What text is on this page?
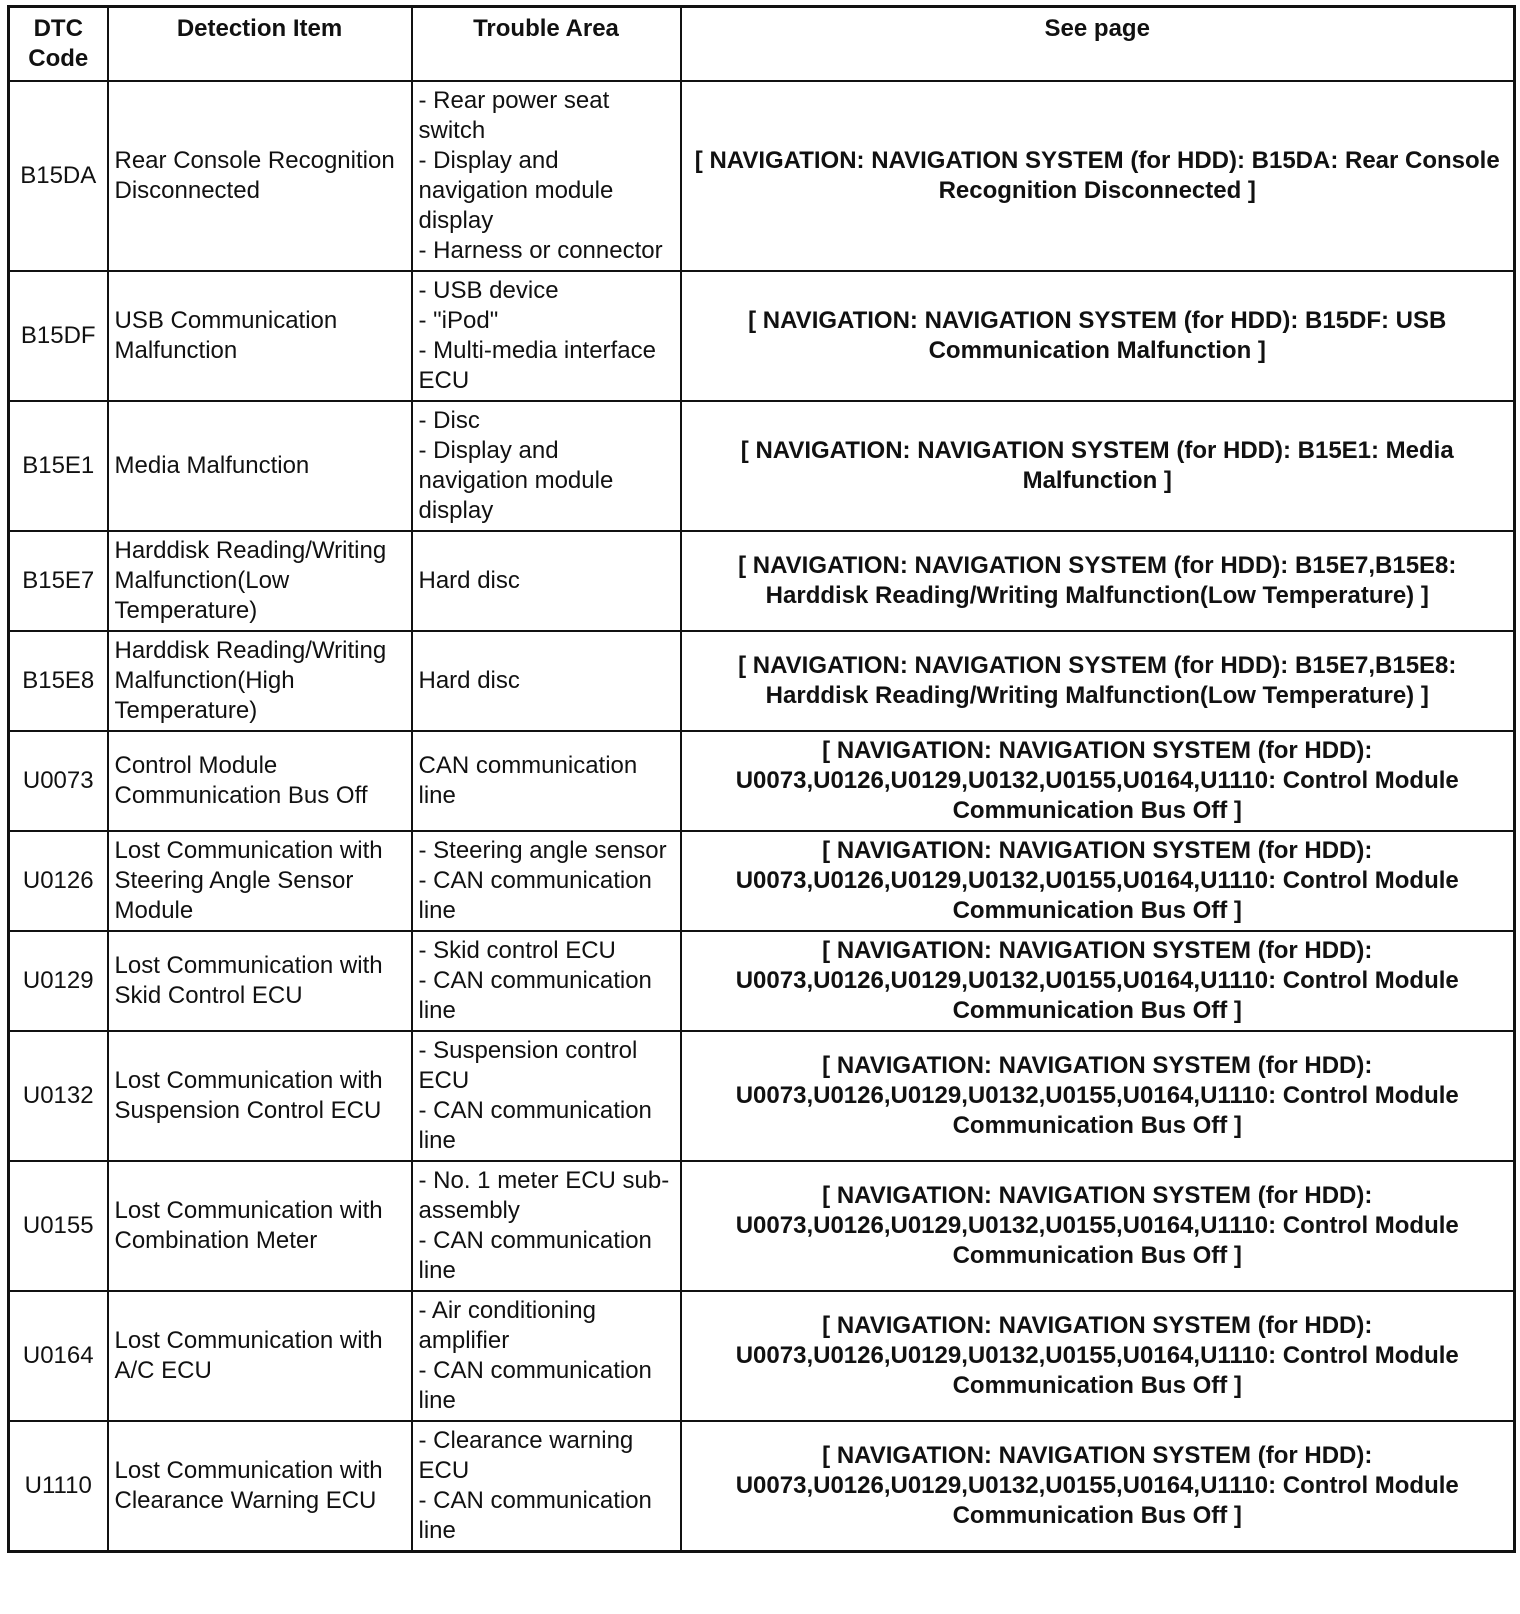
DTC Code	Detection Item	Trouble Area	See page
B15DA	Rear Console Recognition Disconnected	- Rear power seat switch
- Display and navigation module display
- Harness or connector	[ NAVIGATION: NAVIGATION SYSTEM (for HDD): B15DA: Rear Console Recognition Disconnected ]
B15DF	USB Communication Malfunction	- USB device
- "iPod"
- Multi-media interface ECU	[ NAVIGATION: NAVIGATION SYSTEM (for HDD): B15DF: USB Communication Malfunction ]
B15E1	Media Malfunction	- Disc
- Display and navigation module display	[ NAVIGATION: NAVIGATION SYSTEM (for HDD): B15E1: Media Malfunction ]
B15E7	Harddisk Reading/Writing Malfunction(Low Temperature)	Hard disc	[ NAVIGATION: NAVIGATION SYSTEM (for HDD): B15E7,B15E8: Harddisk Reading/Writing Malfunction(Low Temperature) ]
B15E8	Harddisk Reading/Writing Malfunction(High Temperature)	Hard disc	[ NAVIGATION: NAVIGATION SYSTEM (for HDD): B15E7,B15E8: Harddisk Reading/Writing Malfunction(Low Temperature) ]
U0073	Control Module Communication Bus Off	CAN communication line	[ NAVIGATION: NAVIGATION SYSTEM (for HDD): U0073,U0126,U0129,U0132,U0155,U0164,U1110: Control Module Communication Bus Off ]
U0126	Lost Communication with Steering Angle Sensor Module	- Steering angle sensor
- CAN communication line	[ NAVIGATION: NAVIGATION SYSTEM (for HDD): U0073,U0126,U0129,U0132,U0155,U0164,U1110: Control Module Communication Bus Off ]
U0129	Lost Communication with Skid Control ECU	- Skid control ECU
- CAN communication line	[ NAVIGATION: NAVIGATION SYSTEM (for HDD): U0073,U0126,U0129,U0132,U0155,U0164,U1110: Control Module Communication Bus Off ]
U0132	Lost Communication with Suspension Control ECU	- Suspension control ECU
- CAN communication line	[ NAVIGATION: NAVIGATION SYSTEM (for HDD): U0073,U0126,U0129,U0132,U0155,U0164,U1110: Control Module Communication Bus Off ]
U0155	Lost Communication with Combination Meter	- No. 1 meter ECU sub-assembly
- CAN communication line	[ NAVIGATION: NAVIGATION SYSTEM (for HDD): U0073,U0126,U0129,U0132,U0155,U0164,U1110: Control Module Communication Bus Off ]
U0164	Lost Communication with A/C ECU	- Air conditioning amplifier
- CAN communication line	[ NAVIGATION: NAVIGATION SYSTEM (for HDD): U0073,U0126,U0129,U0132,U0155,U0164,U1110: Control Module Communication Bus Off ]
U1110	Lost Communication with Clearance Warning ECU	- Clearance warning ECU
- CAN communication line	[ NAVIGATION: NAVIGATION SYSTEM (for HDD): U0073,U0126,U0129,U0132,U0155,U0164,U1110: Control Module Communication Bus Off ]
